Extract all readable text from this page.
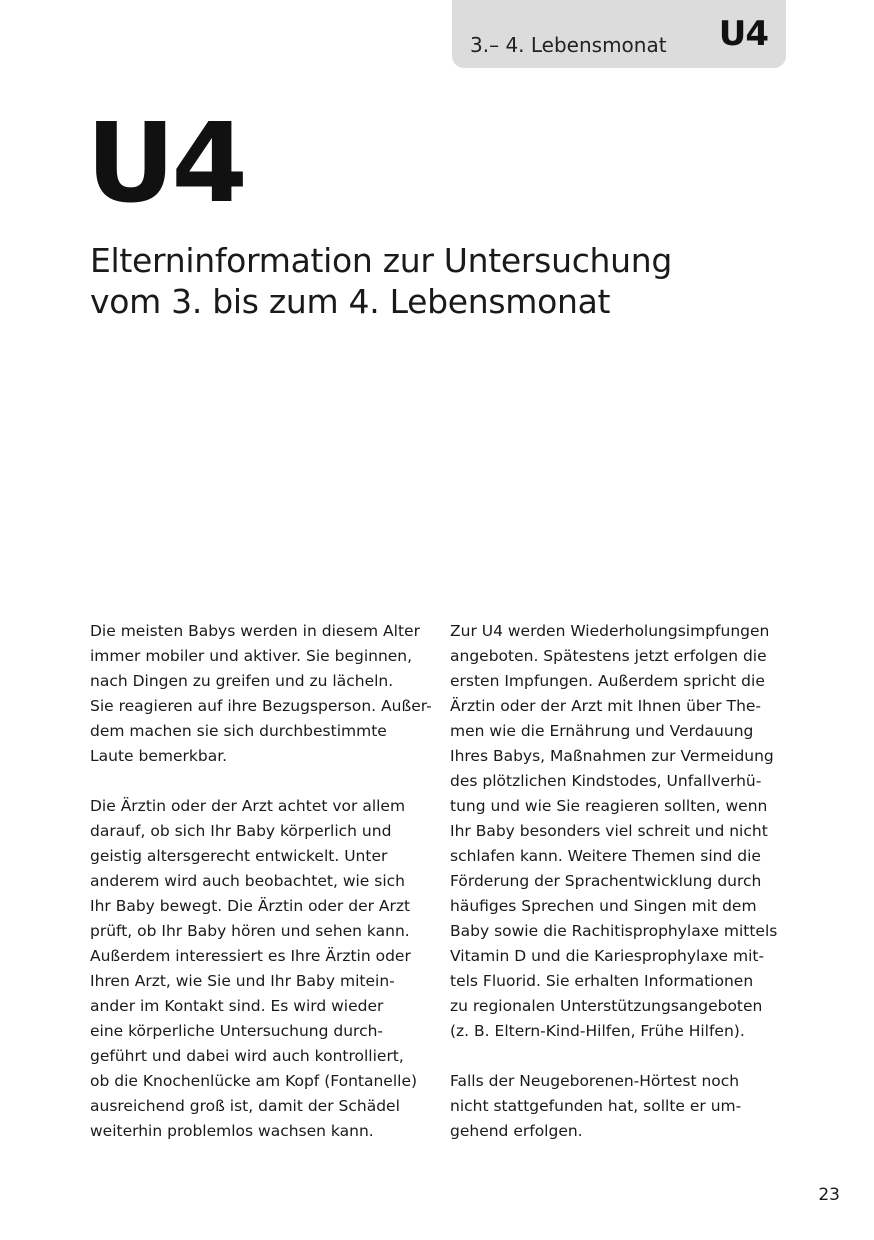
3.– 4. Lebensmonat U4
U4
Elterninformation zur Untersuchung
vom 3. bis zum 4. Lebensmonat
Die meisten Babys werden in diesem Alter
immer mobiler und aktiver. Sie beginnen,
nach Dingen zu greifen und zu lächeln.
Sie reagieren auf ihre Bezugsperson. Außer-
dem machen sie sich durchbestimmte
Laute bemerkbar.
Die Ärztin oder der Arzt achtet vor allem
darauf, ob sich Ihr Baby körperlich und
geistig altersgerecht entwickelt. Unter
anderem wird auch beobachtet, wie sich
Ihr Baby bewegt. Die Ärztin oder der Arzt
prüft, ob Ihr Baby hören und sehen kann.
Außerdem interessiert es Ihre Ärztin oder
Ihren Arzt, wie Sie und Ihr Baby mitein-
ander im Kontakt sind. Es wird wieder
eine körperliche Untersuchung durch-
geführt und dabei wird auch kontrolliert,
ob die Knochenlücke am Kopf (Fontanelle)
ausreichend groß ist, damit der Schädel
weiterhin problemlos wachsen kann.
Zur U4 werden Wiederholungsimpfungen
angeboten. Spätestens jetzt erfolgen die
ersten Impfungen. Außerdem spricht die
Ärztin oder der Arzt mit Ihnen über The-
men wie die Ernährung und Verdauung
Ihres Babys, Maßnahmen zur Vermeidung
des plötzlichen Kindstodes, Unfallverhü-
tung und wie Sie reagieren sollten, wenn
Ihr Baby besonders viel schreit und nicht
schlafen kann. Weitere Themen sind die
Förderung der Sprachentwicklung durch
häufiges Sprechen und Singen mit dem
Baby sowie die Rachitisprophylaxe mittels
Vitamin D und die Kariesprophylaxe mit-
tels Fluorid. Sie erhalten Informationen
zu regionalen Unterstützungsangeboten
(z. B. Eltern-Kind-Hilfen, Frühe Hilfen).
Falls der Neugeborenen-Hörtest noch
nicht stattgefunden hat, sollte er um-
gehend erfolgen.
23
